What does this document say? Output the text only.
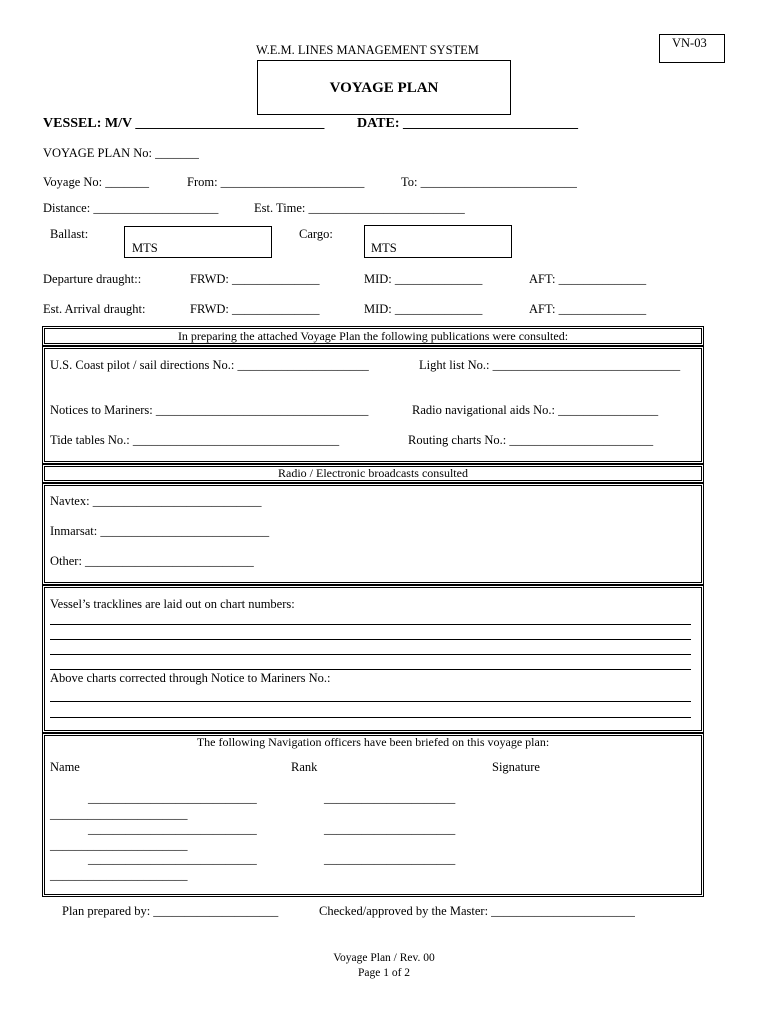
VN-03
W.E.M. LINES MANAGEMENT SYSTEM
VOYAGE PLAN
VESSEL: M/V ___________________________ DATE: _________________________
VOYAGE PLAN No: _______
Voyage No: _______	From: _______________________	To: _________________________
Distance: ____________________	Est. Time: _________________________
Ballast:
MTS
Cargo:
MTS
Departure draught::	FRWD: ______________	MID: ______________	AFT: ______________
Est. Arrival draught:	FRWD: ______________	MID: ______________	AFT: ______________
In preparing the attached Voyage Plan the following publications were consulted:
U.S. Coast pilot / sail directions No.: _____________________	Light list No.: ______________________________
Notices to Mariners: __________________________________	Radio navigational aids No.: ________________
Tide tables No.: _________________________________	Routing charts No.: _______________________
Radio / Electronic broadcasts consulted
Navtex: ___________________________
Inmarsat: ___________________________
Other: ___________________________
Vessel’s tracklines are laid out on chart numbers:
Above charts corrected through Notice to Mariners No.:
The following Navigation officers have been briefed on this voyage plan:
Name	Rank	Signature
___________________________	_____________________
______________________
___________________________	_____________________
______________________
___________________________	_____________________
______________________
Plan prepared by: ____________________	Checked/approved by the Master: _______________________
Voyage Plan / Rev. 00
Page 1 of 2
